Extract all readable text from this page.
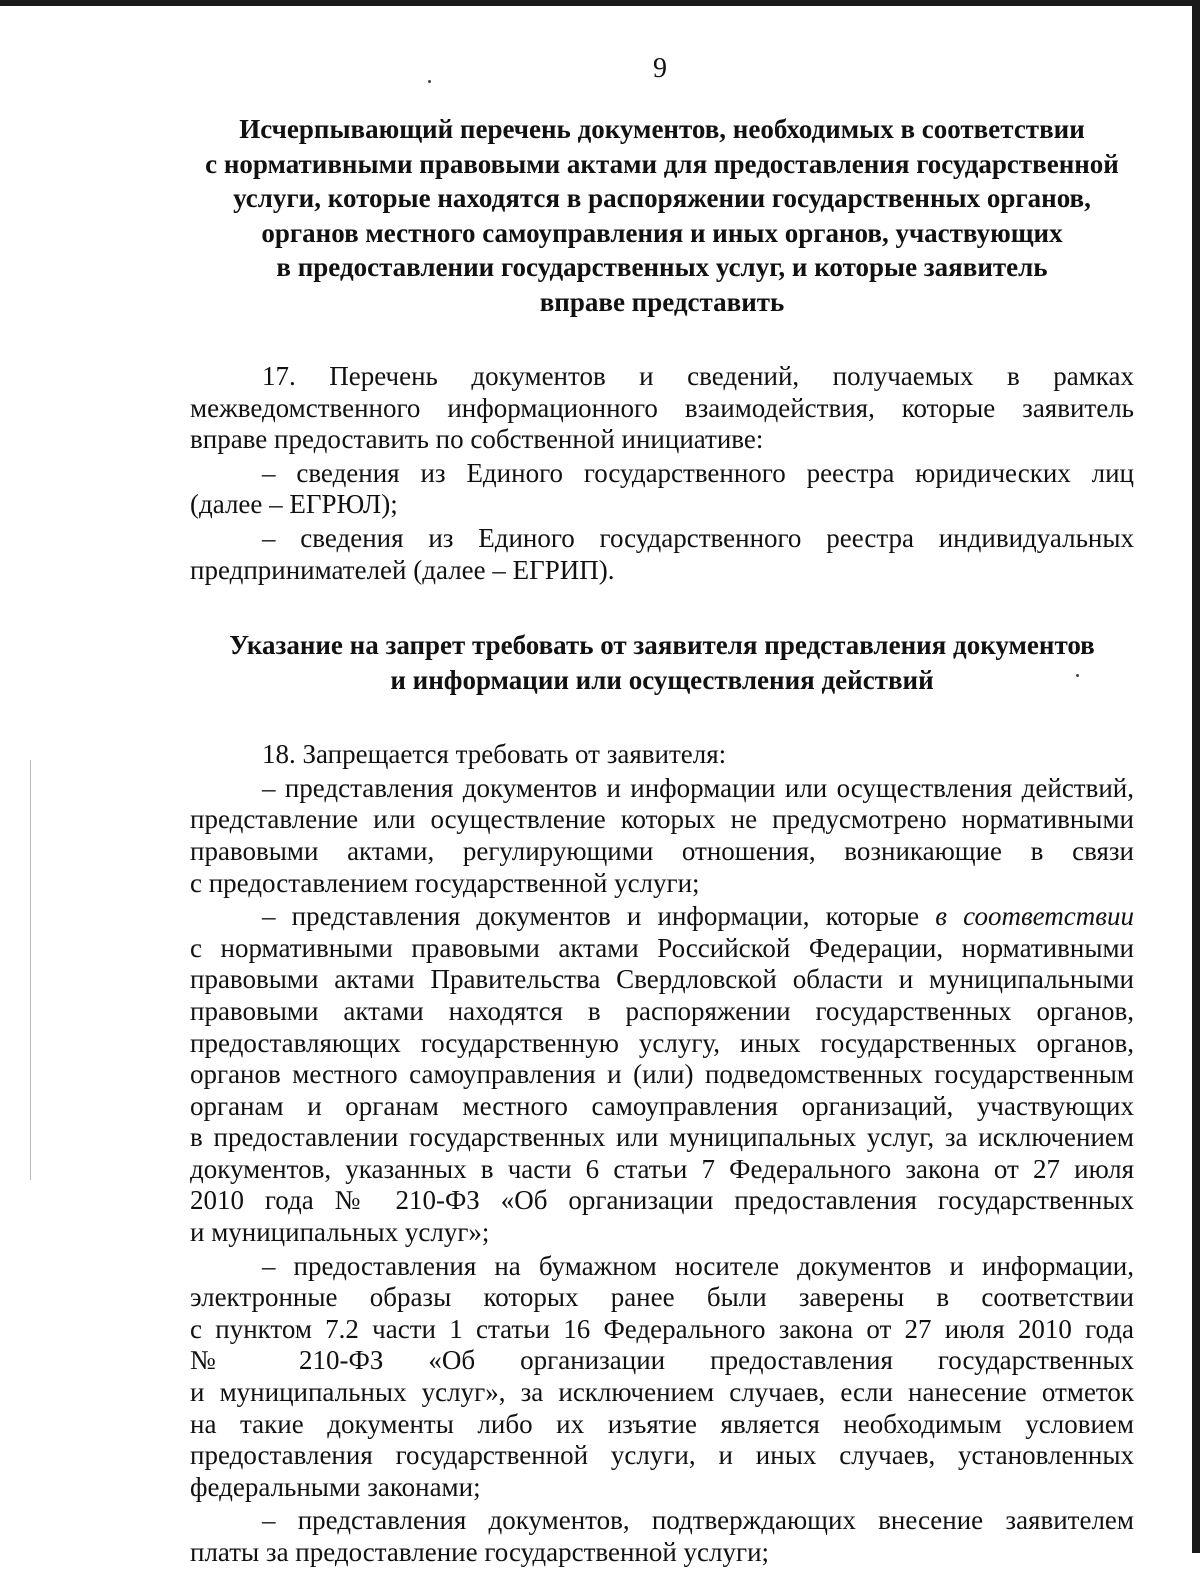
9
Исчерпывающий перечень документов, необходимых в соответствии
с нормативными правовыми актами для предоставления государственной
услуги, которые находятся в распоряжении государственных органов,
органов местного самоуправления и иных органов, участвующих
в предоставлении государственных услуг, и которые заявитель
вправе представить
17. Перечень документов и сведений, получаемых в рамках
межведомственного информационного взаимодействия, которые заявитель
вправе предоставить по собственной инициативе:
– сведения из Единого государственного реестра юридических лиц
(далее – ЕГРЮЛ);
– сведения из Единого государственного реестра индивидуальных
предпринимателей (далее – ЕГРИП).
Указание на запрет требовать от заявителя представления документов
и информации или осуществления действий
18. Запрещается требовать от заявителя:
– представления документов и информации или осуществления действий,
представление или осуществление которых не предусмотрено нормативными
правовыми актами, регулирующими отношения, возникающие в связи
с предоставлением государственной услуги;
– представления документов и информации, которые в соответствии
с нормативными правовыми актами Российской Федерации, нормативными
правовыми актами Правительства Свердловской области и муниципальными
правовыми актами находятся в распоряжении государственных органов,
предоставляющих государственную услугу, иных государственных органов,
органов местного самоуправления и (или) подведомственных государственным
органам и органам местного самоуправления организаций, участвующих
в предоставлении государственных или муниципальных услуг, за исключением
документов, указанных в части 6 статьи 7 Федерального закона от 27 июля
2010 года № 210-ФЗ «Об организации предоставления государственных
и муниципальных услуг»;
– предоставления на бумажном носителе документов и информации,
электронные образы которых ранее были заверены в соответствии
с пунктом 7.2 части 1 статьи 16 Федерального закона от 27 июля 2010 года
№ 210-ФЗ «Об организации предоставления государственных
и муниципальных услуг», за исключением случаев, если нанесение отметок
на такие документы либо их изъятие является необходимым условием
предоставления государственной услуги, и иных случаев, установленных
федеральными законами;
– представления документов, подтверждающих внесение заявителем
платы за предоставление государственной услуги;
